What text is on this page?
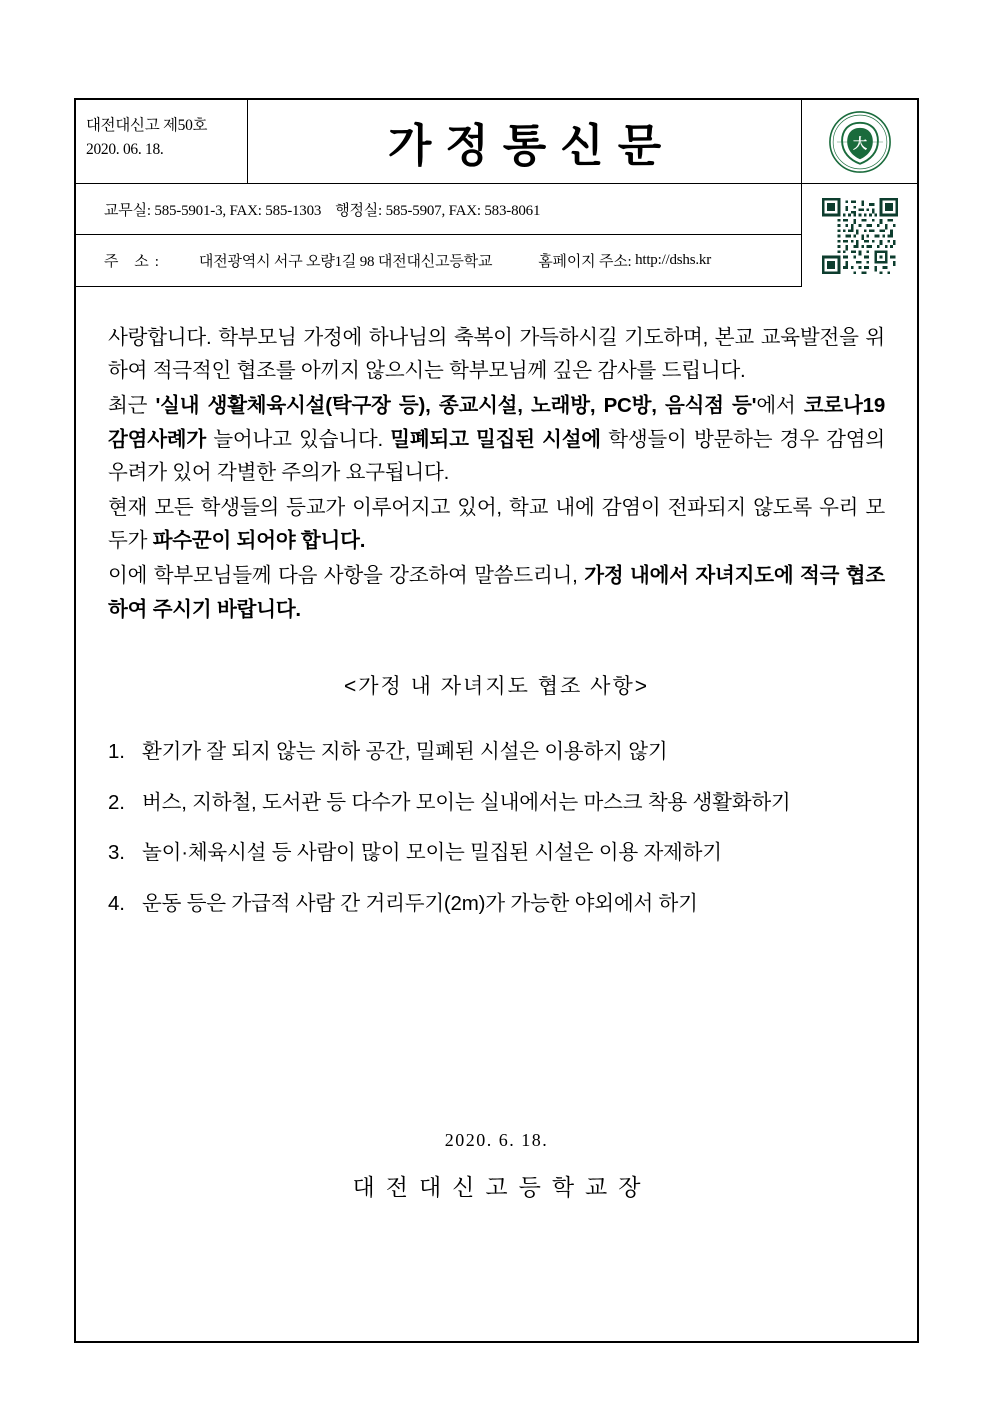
대전대신고 제50호
2020. 06. 18.	가정통신문	大
교무실: 585-5901-3, FAX: 585-1303 행정실: 585-5907, FAX: 583-8061
주 소: 대전광역시 서구 오량1길 98 대전대신고등학교	홈페이지 주소:
http://dshs.kr

사랑합니다. 학부모님 가정에 하나님의 축복이 가득하시길 기도하며, 본교 교육발전을 위하여 적극적인 협조를 아끼지 않으시는 학부모님께 깊은 감사를 드립니다.

최근 '실내 생활체육시설(탁구장 등), 종교시설, 노래방, PC방, 음식점 등'에서 코로나19 감염사례가 늘어나고 있습니다. 밀폐되고 밀집된 시설에 학생들이 방문하는 경우 감염의 우려가 있어 각별한 주의가 요구됩니다.

현재 모든 학생들의 등교가 이루어지고 있어, 학교 내에 감염이 전파되지 않도록 우리 모두가 파수꾼이 되어야 합니다.

이에 학부모님들께 다음 사항을 강조하여 말씀드리니, 가정 내에서 자녀지도에 적극 협조하여 주시기 바랍니다.

<가정 내 자녀지도 협조 사항>
1. 환기가 잘 되지 않는 지하 공간, 밀폐된 시설은 이용하지 않기
2. 버스, 지하철, 도서관 등 다수가 모이는 실내에서는 마스크 착용 생활화하기
3. 놀이·체육시설 등 사람이 많이 모이는 밀집된 시설은 이용 자제하기
4. 운동 등은 가급적 사람 간 거리두기(2m)가 가능한 야외에서 하기
2020. 6. 18.
대전대신고등학교장
